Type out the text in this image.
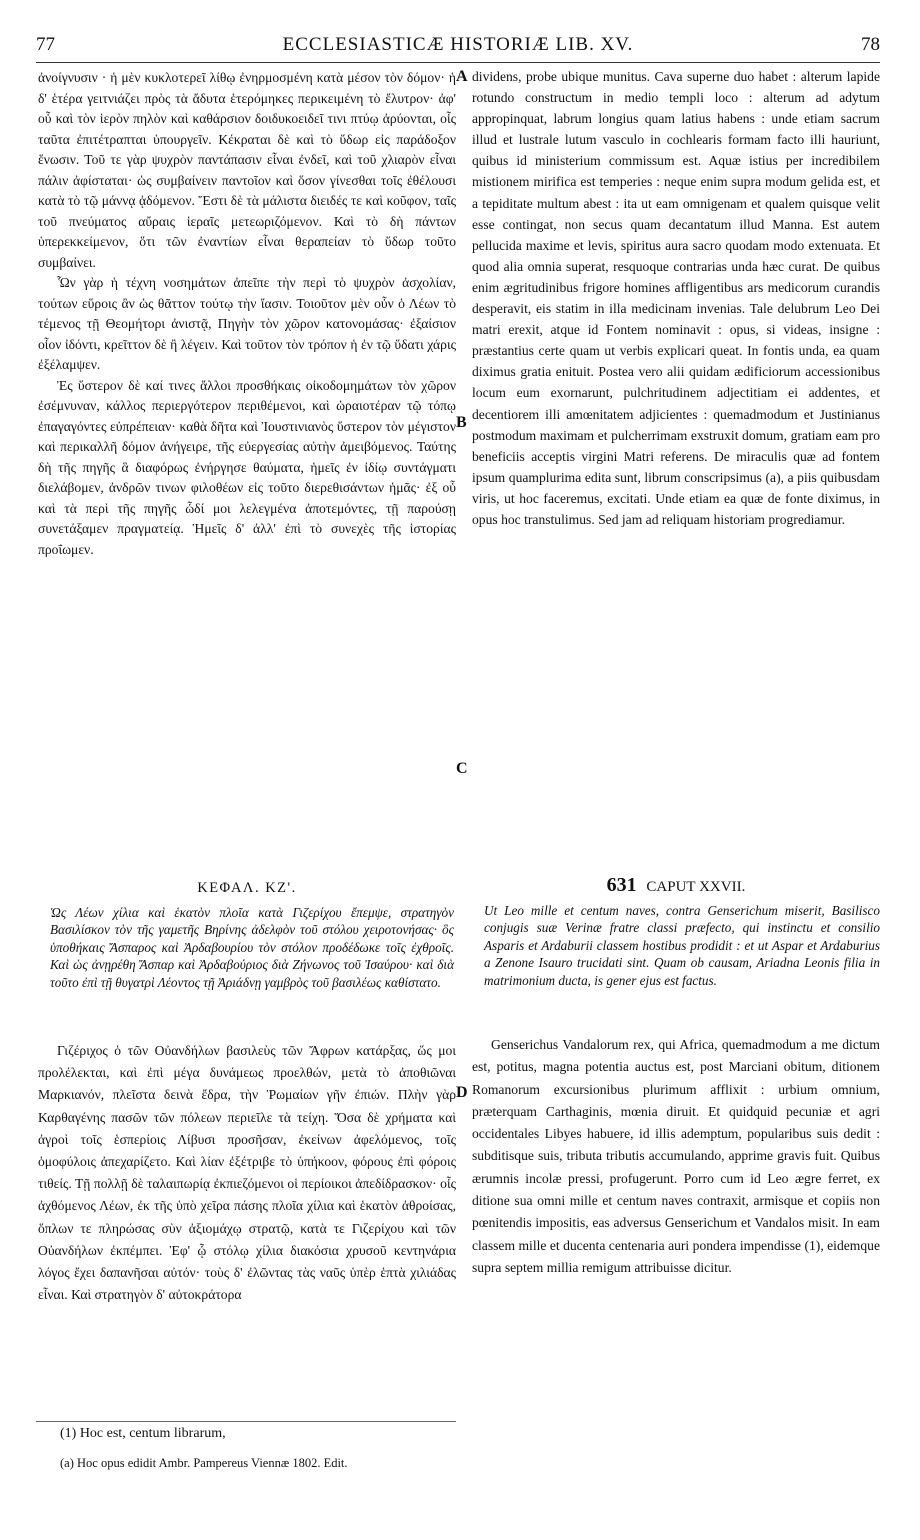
77	ECCLESIASTICÆ HISTORIÆ LIB. XV.	78

ἀνοίγνυσιν · ἡ μὲν κυκλοτερεῖ λίθῳ ἐνηρμοσμένη κατὰ μέσον τὸν δόμον· ἡ δ' ἑτέρα γειτνιάζει πρὸς τὰ ἄδυτα ἑτερόμηκες περικειμένη τὸ ἔλυτρον· ἀφ' οὗ καὶ τὸν ἱερὸν πηλὸν καὶ καθάρσιον δοιδυκοειδεῖ τινι πτύῳ ἀρύονται, οἷς ταῦτα ἐπιτέτραπται ὑπουργεῖν. Κέκραται δὲ καὶ τὸ ὕδωρ εἰς παράδοξον ἕνωσιν. Τοῦ τε γὰρ ψυχρὸν παντάπασιν εἶναι ἐνδεῖ, καὶ τοῦ χλιαρὸν εἶναι πάλιν ἀφίσταται· ὡς συμβαίνειν παντοῖον καὶ ὅσον γίνεσθαι τοῖς ἐθέλουσι κατὰ τὸ τῷ μάννᾳ ᾀδόμενον. Ἔστι δὲ τὰ μάλιστα διειδές τε καὶ κοῦφον, ταῖς τοῦ πνεύματος αὔραις ἱεραῖς μετεωριζόμενον. Καὶ τὸ δὴ πάντων ὑπερεκκείμενον, ὅτι τῶν ἐναντίων εἶναι θεραπείαν τὸ ὕδωρ τοῦτο συμβαίνει.

Ὧν γὰρ ἡ τέχνη νοσημάτων ἀπεῖπε τὴν περὶ τὸ ψυχρὸν ἀσχολίαν, τούτων εὕροις ἂν ὡς θᾶττον τούτῳ τὴν ἴασιν. Τοιοῦτον μὲν οὖν ὁ Λέων τὸ τέμενος τῇ Θεομήτορι ἀνιστᾷ, Πηγὴν τὸν χῶρον κατονομάσας· ἐξαίσιον οἷον ἰδόντι, κρεῖττον δὲ ἢ λέγειν. Καὶ τοῦτον τὸν τρόπον ἡ ἐν τῷ ὕδατι χάρις ἐξέλαμψεν.

Ἐς ὕστερον δὲ καί τινες ἄλλοι προσθήκαις οἰκοδομημάτων τὸν χῶρον ἐσέμνυναν, κάλλος περιεργότερον περιθέμενοι, καὶ ὡραιοτέραν τῷ τόπῳ ἐπαγαγόντες εὐπρέπειαν· καθὰ δῆτα καὶ Ἰουστινιανὸς ὕστερον τὸν μέγιστον καὶ περικαλλῆ δόμον ἀνήγειρε, τῆς εὐεργεσίας αὐτὴν ἀμειβόμενος. Ταύτης δὴ τῆς πηγῆς ἃ διαφόρως ἐνήργησε θαύματα, ἡμεῖς ἐν ἰδίῳ συντάγματι διελάβομεν, ἀνδρῶν τινων φιλοθέων εἰς τοῦτο διερεθισάντων ἡμᾶς· ἐξ οὗ καὶ τὰ περὶ τῆς πηγῆς ὧδί μοι λελεγμένα ἀποτεμόντες, τῇ παρούσῃ συνετάξαμεν πραγματείᾳ. Ἡμεῖς δ' ἀλλ' ἐπὶ τὸ συνεχὲς τῆς ἱστορίας προΐωμεν.

dividens, probe ubique munitus. Cava superne duo habet : alterum lapide rotundo constructum in medio templi loco : alterum ad adytum appropinquat, labrum longius quam latius habens : unde etiam sacrum illud et lustrale lutum vasculo in cochlearis formam facto illi hauriunt, quibus id ministerium commissum est. Aquæ istius per incredibilem mistionem mirifica est temperies : neque enim supra modum gelida est, et a tepiditate multum abest : ita ut eam omnigenam et qualem quisque velit esse contingat, non secus quam decantatum illud Manna. Est autem pellucida maxime et levis, spiritus aura sacro quodam modo extenuata. Et quod alia omnia superat, resquoque contrarias unda hæc curat. De quibus enim ægritudinibus frigore homines affligentibus ars medicorum curandis desperavit, eis statim in illa medicinam invenias. Tale delubrum Leo Dei matri erexit, atque id Fontem nominavit : opus, si videas, insigne : præstantius certe quam ut verbis explicari queat. In fontis unda, ea quam diximus gratia enituit. Postea vero alii quidam ædificiorum accessionibus locum eum exornarunt, pulchritudinem adjectitiam ei addentes, et decentiorem illi amœnitatem adjicientes : quemadmodum et Justinianus postmodum maximam et pulcherrimam exstruxit domum, gratiam eam pro beneficiis acceptis virgini Matri referens. De miraculis quæ ad fontem ipsum quamplurima edita sunt, librum conscripsimus (a), a piis quibusdam viris, ut hoc faceremus, excitati. Unde etiam ea quæ de fonte diximus, in opus hoc transtulimus. Sed jam ad reliquam historiam progrediamur.

A
B
C
D
ΚΕΦΑΛ. ΚΖ'.	631 CAPUT XXVII.
Ὡς Λέων χίλια καὶ ἑκατὸν πλοῖα κατὰ Γιζερίχου ἔπεμψε, στρατηγὸν Βασιλίσκον τὸν τῆς γαμετῆς Βηρίνης ἀδελφὸν τοῦ στόλου χειροτονήσας· ὃς ὑποθήκαις Ἄσπαρος καὶ Ἀρδαβουρίου τὸν στόλον προδέδωκε τοῖς ἐχθροῖς. Καὶ ὡς ἀνῃρέθη Ἄσπαρ καὶ Ἀρδαβούριος διὰ Ζήνωνος τοῦ Ἰσαύρου· καὶ διὰ τοῦτο ἐπὶ τῇ θυγατρὶ Λέοντος τῇ Ἀριάδνῃ γαμβρὸς τοῦ βασιλέως καθίστατο.
Ut Leo mille et centum naves, contra Genserichum miserit, Basilisco conjugis suæ Verinæ fratre classi præfecto, qui instinctu et consilio Asparis et Ardaburii classem hostibus prodidit : et ut Aspar et Ardaburius a Zenone Isauro trucidati sint. Quam ob causam, Ariadna Leonis filia in matrimonium ducta, is gener ejus est factus.

Γιζέριχος ὁ τῶν Οὐανδήλων βασιλεὺς τῶν Ἄφρων κατάρξας, ὥς μοι προλέλεκται, καὶ ἐπὶ μέγα δυνάμεως προελθών, μετὰ τὸ ἀποθιῶναι Μαρκιανόν, πλεῖστα δεινὰ ἔδρα, τὴν Ῥωμαίων γῆν ἐπιών. Πλὴν γὰρ Καρθαγένης πασῶν τῶν πόλεων περιεῖλε τὰ τείχη. Ὅσα δὲ χρήματα καὶ ἀγροὶ τοῖς ἑσπερίοις Λίβυσι προσῆσαν, ἐκείνων ἀφελόμενος, τοῖς ὁμοφύλοις ἀπεχαρίζετο. Καὶ λίαν ἐξέτριβε τὸ ὑπήκοον, φόρους ἐπὶ φόροις τιθείς. Τῇ πολλῇ δὲ ταλαιπωρίᾳ ἐκπιεζόμενοι οἱ περίοικοι ἀπεδίδρασκον· οἷς ἀχθόμενος Λέων, ἐκ τῆς ὑπὸ χεῖρα πάσης πλοῖα χίλια καὶ ἑκατὸν ἀθροίσας, ὅπλων τε πληρώσας σὺν ἀξιομάχῳ στρατῷ, κατὰ τε Γιζερίχου καὶ τῶν Οὐανδήλων ἐκπέμπει. Ἐφ' ᾧ στόλῳ χίλια διακόσια χρυσοῦ κεντηνάρια λόγος ἔχει δαπανῆσαι αὐτόν· τοὺς δ' ἐλῶντας τὰς ναῦς ὑπὲρ ἑπτὰ χιλιάδας εἶναι. Καὶ στρατηγὸν δ' αὐτοκράτορα

Genserichus Vandalorum rex, qui Africa, quemadmodum a me dictum est, potitus, magna potentia auctus est, post Marciani obitum, ditionem Romanorum excursionibus plurimum afflixit : urbium omnium, præterquam Carthaginis, mœnia diruit. Et quidquid pecuniæ et agri occidentales Libyes habuere, id illis ademptum, popularibus suis dedit : subditisque suis, tributa tributis accumulando, apprime gravis fuit. Quibus ærumnis incolæ pressi, profugerunt. Porro cum id Leo ægre ferret, ex ditione sua omni mille et centum naves contraxit, armisque et copiis non pœnitendis impositis, eas adversus Genserichum et Vandalos misit. In eam classem mille et ducenta centenaria auri pondera impendisse (1), eidemque supra septem millia remigum attribuisse dicitur.

(1) Hoc est, centum librarum,
(a) Hoc opus edidit Ambr. Pampereus Viennæ 1802. Edit.
